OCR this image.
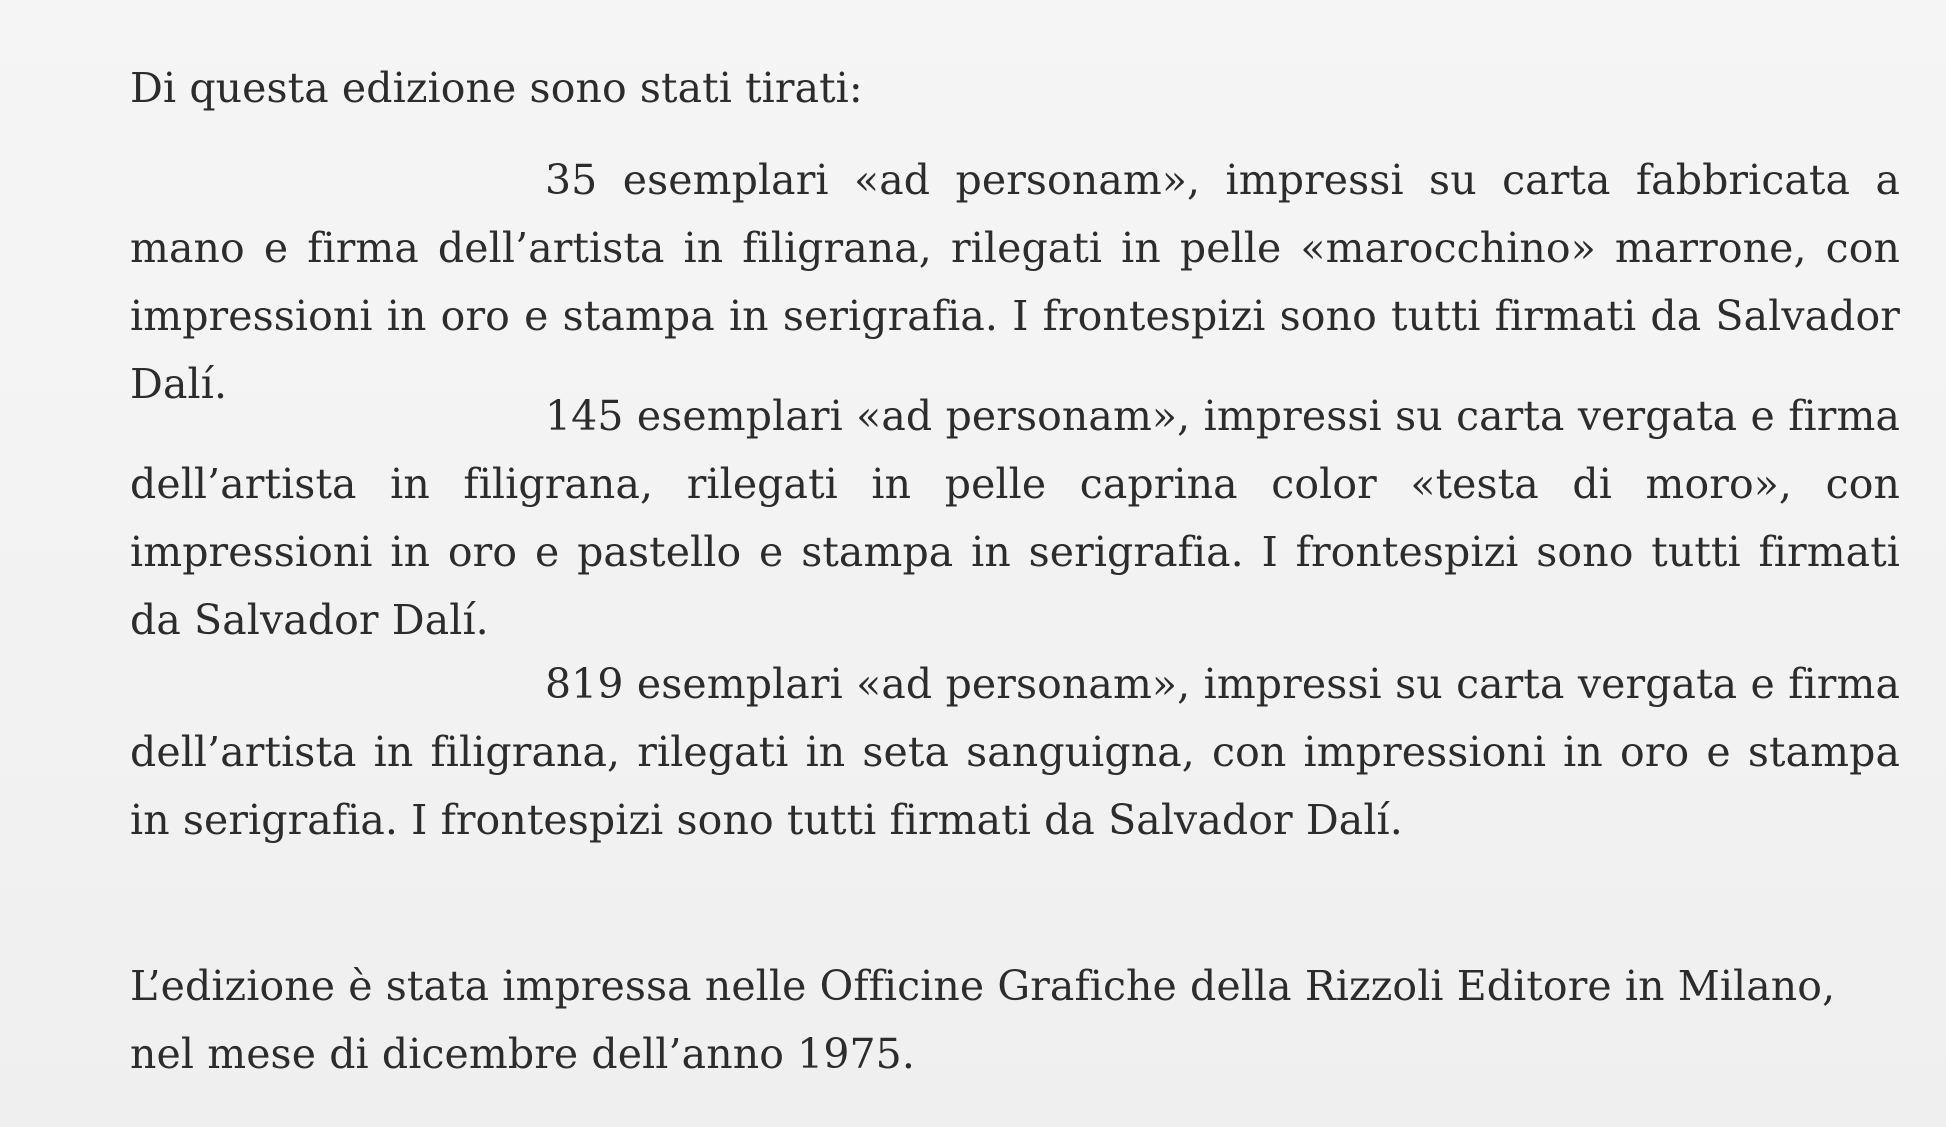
Di questa edizione sono stati tirati:

35 esemplari «ad personam», impressi su carta fabbricata a mano e firma dell’artista in filigrana, rilegati in pelle «marocchino» marrone, con impressioni in oro e stampa in serigrafia. I frontespizi sono tutti firmati da Salvador Dalí.

145 esemplari «ad personam», impressi su carta vergata e firma dell’artista in filigrana, rilegati in pelle caprina color «testa di moro», con impressioni in oro e pastello e stampa in serigrafia. I frontespizi sono tutti firmati da Salvador Dalí.

819 esemplari «ad personam», impressi su carta vergata e firma dell’artista in filigrana, rilegati in seta sanguigna, con impressioni in oro e stampa in serigrafia. I frontespizi sono tutti firmati da Salvador Dalí.

L’edizione è stata impressa nelle Officine Grafiche della Rizzoli Editore in Milano, nel mese di dicembre dell’anno 1975.
